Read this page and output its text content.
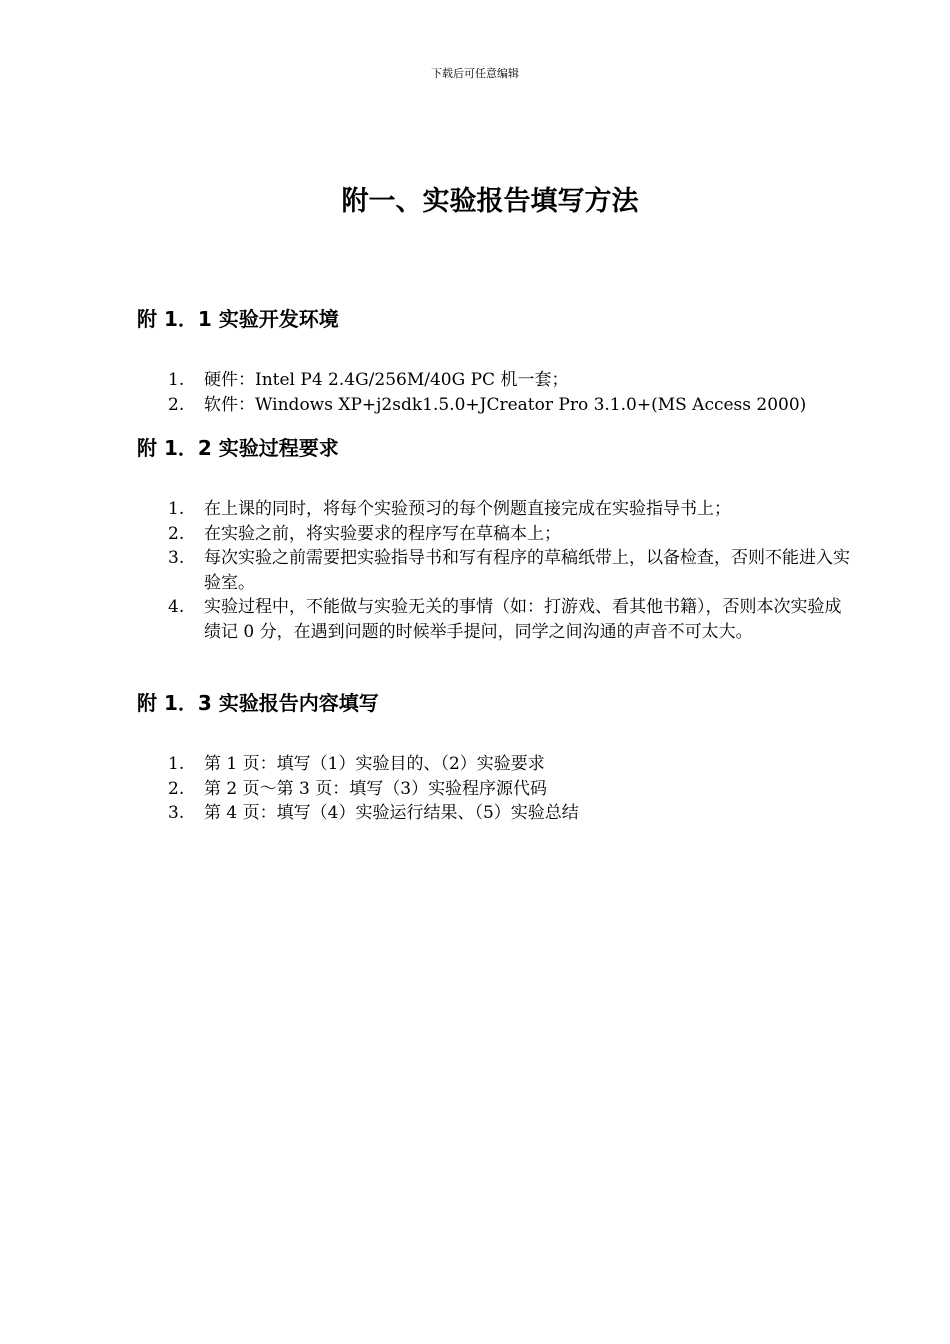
下载后可任意编辑
附一、实验报告填写方法
附 1．1 实验开发环境
1.	硬件：Intel P4 2.4G/256M/40G PC 机一套；
2.	软件：Windows XP+j2sdk1.5.0+JCreator Pro 3.1.0+(MS Access 2000)
附 1．2 实验过程要求
1.	在上课的同时，将每个实验预习的每个例题直接完成在实验指导书上；
2.	在实验之前，将实验要求的程序写在草稿本上；
3.	每次实验之前需要把实验指导书和写有程序的草稿纸带上，以备检查，否则不能进入实验室。
4.	实验过程中，不能做与实验无关的事情（如：打游戏、看其他书籍），否则本次实验成绩记 0 分，在遇到问题的时候举手提问，同学之间沟通的声音不可太大。
附 1．3 实验报告内容填写
1.	第 1 页：填写（1）实验目的、（2）实验要求
2.	第 2 页～第 3 页：填写（3）实验程序源代码
3.	第 4 页：填写（4）实验运行结果、（5）实验总结
